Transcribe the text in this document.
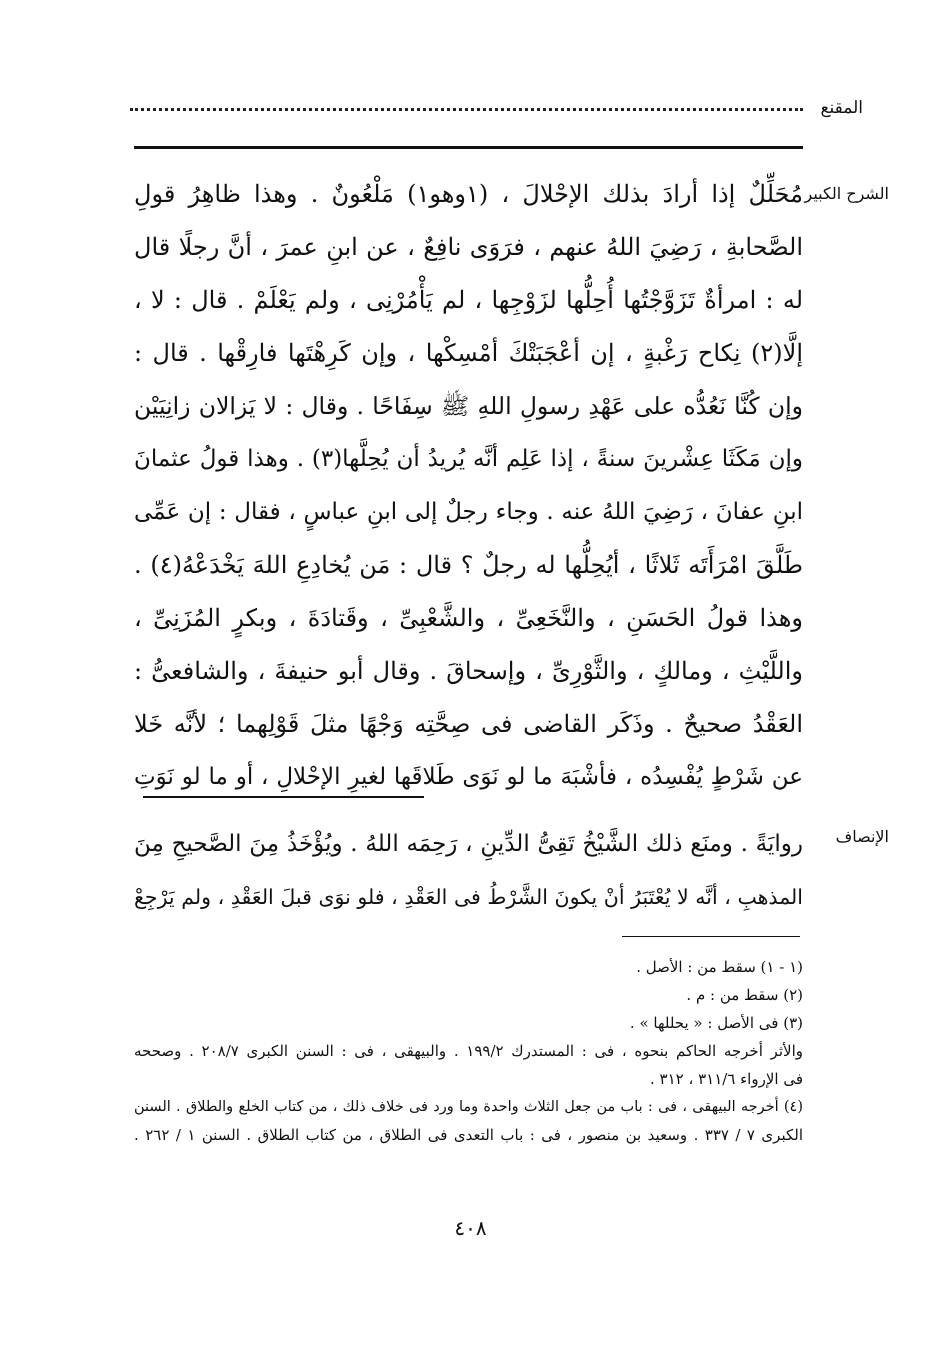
المقنع
الشرح الكبير
مُحَلِّلٌ إذا أرادَ بذلك الإحْلالَ ، (١وهو١) مَلْعُونٌ . وهذا ظاهِرُ قولِ
الصَّحابةِ ، رَضِيَ اللهُ عنهم ، فرَوَى نافِعٌ ، عن ابنِ عمرَ ، أنَّ رجلًا قال
له : امرأةٌ تَزَوَّجْتُها أُحِلُّها لزَوْجِها ، لم يَأْمُرْنِى ، ولم يَعْلَمْ . قال : لا ،
إلَّا(٢) نِكاح رَغْبةٍ ، إن أعْجَبَتْكَ أمْسِكْها ، وإن كَرِهْتَها فارِقْها . قال :
وإن كُنَّا نَعُدُّه على عَهْدِ رسولِ اللهِ ﷺ سِفَاحًا . وقال : لا يَزالان زانِيَيْن
وإن مَكَثَا عِشْرينَ سنةً ، إذا عَلِم أنَّه يُريدُ أن يُحِلَّها(٣) . وهذا قولُ عثمانَ
ابنِ عفانَ ، رَضِيَ اللهُ عنه . وجاء رجلٌ إلى ابنِ عباسٍ ، فقال : إن عَمِّى
طَلَّقَ امْرَأَتَه ثَلاثًا ، أيُحِلُّها له رجلٌ ؟ قال : مَن يُخادِعِ اللهَ يَخْدَعْهُ(٤) .
وهذا قولُ الحَسَنِ ، والنَّخَعِىِّ ، والشَّعْبِىِّ ، وقَتادَةَ ، وبكرٍ المُزَنِىِّ ،
واللَّيْثِ ، ومالكٍ ، والثَّوْرِىِّ ، وإسحاقَ . وقال أبو حنيفةَ ، والشافعىُّ :
العَقْدُ صحيحٌ . وذَكَر القاضى فى صِحَّتِه وَجْهًا مثلَ قَوْلِهما ؛ لأنَّه خَلا
عن شَرْطٍ يُفْسِدُه ، فأشْبَهَ ما لو نَوَى طَلاقَها لغيرِ الإحْلالِ ، أو ما لو نَوَتِ
الإنصاف
روايَةً . ومنَع ذلك الشَّيْخُ تَقِىُّ الدِّينِ ، رَحِمَه اللهُ . ويُؤْخَذُ مِنَ الصَّحيحِ مِنَ
المذهبِ ، أنَّه لا يُعْتَبَرُ أنْ يكونَ الشَّرْطُ فى العَقْدِ ، فلو نوَى قبلَ العَقْدِ ، ولم يَرْجِعْ
(١ - ١) سقط من : الأصل .
(٢) سقط من : م .
(٣) فى الأصل : « يحللها » .
والأثر أخرجه الحاكم بنحوه ، فى : المستدرك ١٩٩/٢ . والبيهقى ، فى : السنن الكبرى ٢٠٨/٧ . وصححه
فى الإرواء ٣١١/٦ ، ٣١٢ .
(٤) أخرجه البيهقى ، فى : باب من جعل الثلاث واحدة وما ورد فى خلاف ذلك ، من كتاب الخلع والطلاق . السنن
الكبرى ٧ / ٣٣٧ . وسعيد بن منصور ، فى : باب التعدى فى الطلاق ، من كتاب الطلاق . السنن ١ / ٢٦٢ .
٤٠٨
